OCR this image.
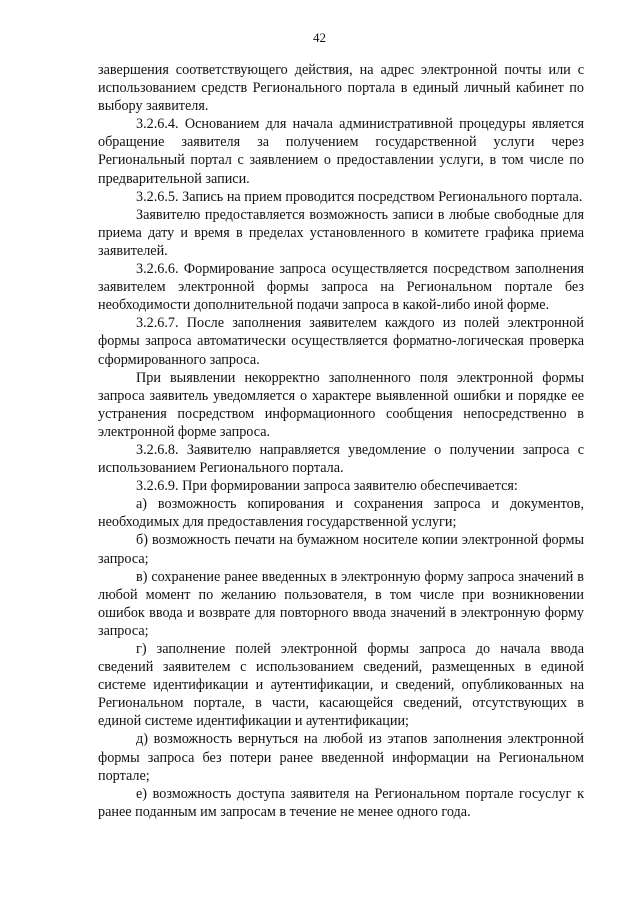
42

завершения соответствующего действия, на адрес электронной почты или с использованием средств Регионального портала в единый личный кабинет по выбору заявителя.

3.2.6.4. Основанием для начала административной процедуры является обращение заявителя за получением государственной услуги через Региональный портал с заявлением о предоставлении услуги, в том числе по предварительной записи.

3.2.6.5. Запись на прием проводится посредством Регионального портала.

Заявителю предоставляется возможность записи в любые свободные для приема дату и время в пределах установленного в комитете графика приема заявителей.

3.2.6.6. Формирование запроса осуществляется посредством заполнения заявителем электронной формы запроса на Региональном портале без необходимости дополнительной подачи запроса в какой-либо иной форме.

3.2.6.7. После заполнения заявителем каждого из полей электронной формы запроса автоматически осуществляется форматно-логическая проверка сформированного запроса.

При выявлении некорректно заполненного поля электронной формы запроса заявитель уведомляется о характере выявленной ошибки и порядке ее устранения посредством информационного сообщения непосредственно в электронной форме запроса.

3.2.6.8. Заявителю направляется уведомление о получении запроса с использованием Регионального портала.

3.2.6.9. При формировании запроса заявителю обеспечивается:

а) возможность копирования и сохранения запроса и документов, необходимых для предоставления государственной услуги;

б) возможность печати на бумажном носителе копии электронной формы запроса;

в) сохранение ранее введенных в электронную форму запроса значений в любой момент по желанию пользователя, в том числе при возникновении ошибок ввода и возврате для повторного ввода значений в электронную форму запроса;

г) заполнение полей электронной формы запроса до начала ввода сведений заявителем с использованием сведений, размещенных в единой системе идентификации и аутентификации, и сведений, опубликованных на Региональном портале, в части, касающейся сведений, отсутствующих в единой системе идентификации и аутентификации;

д) возможность вернуться на любой из этапов заполнения электронной формы запроса без потери ранее введенной информации на Региональном портале;

е) возможность доступа заявителя на Региональном портале госуслуг к ранее поданным им запросам в течение не менее одного года.
